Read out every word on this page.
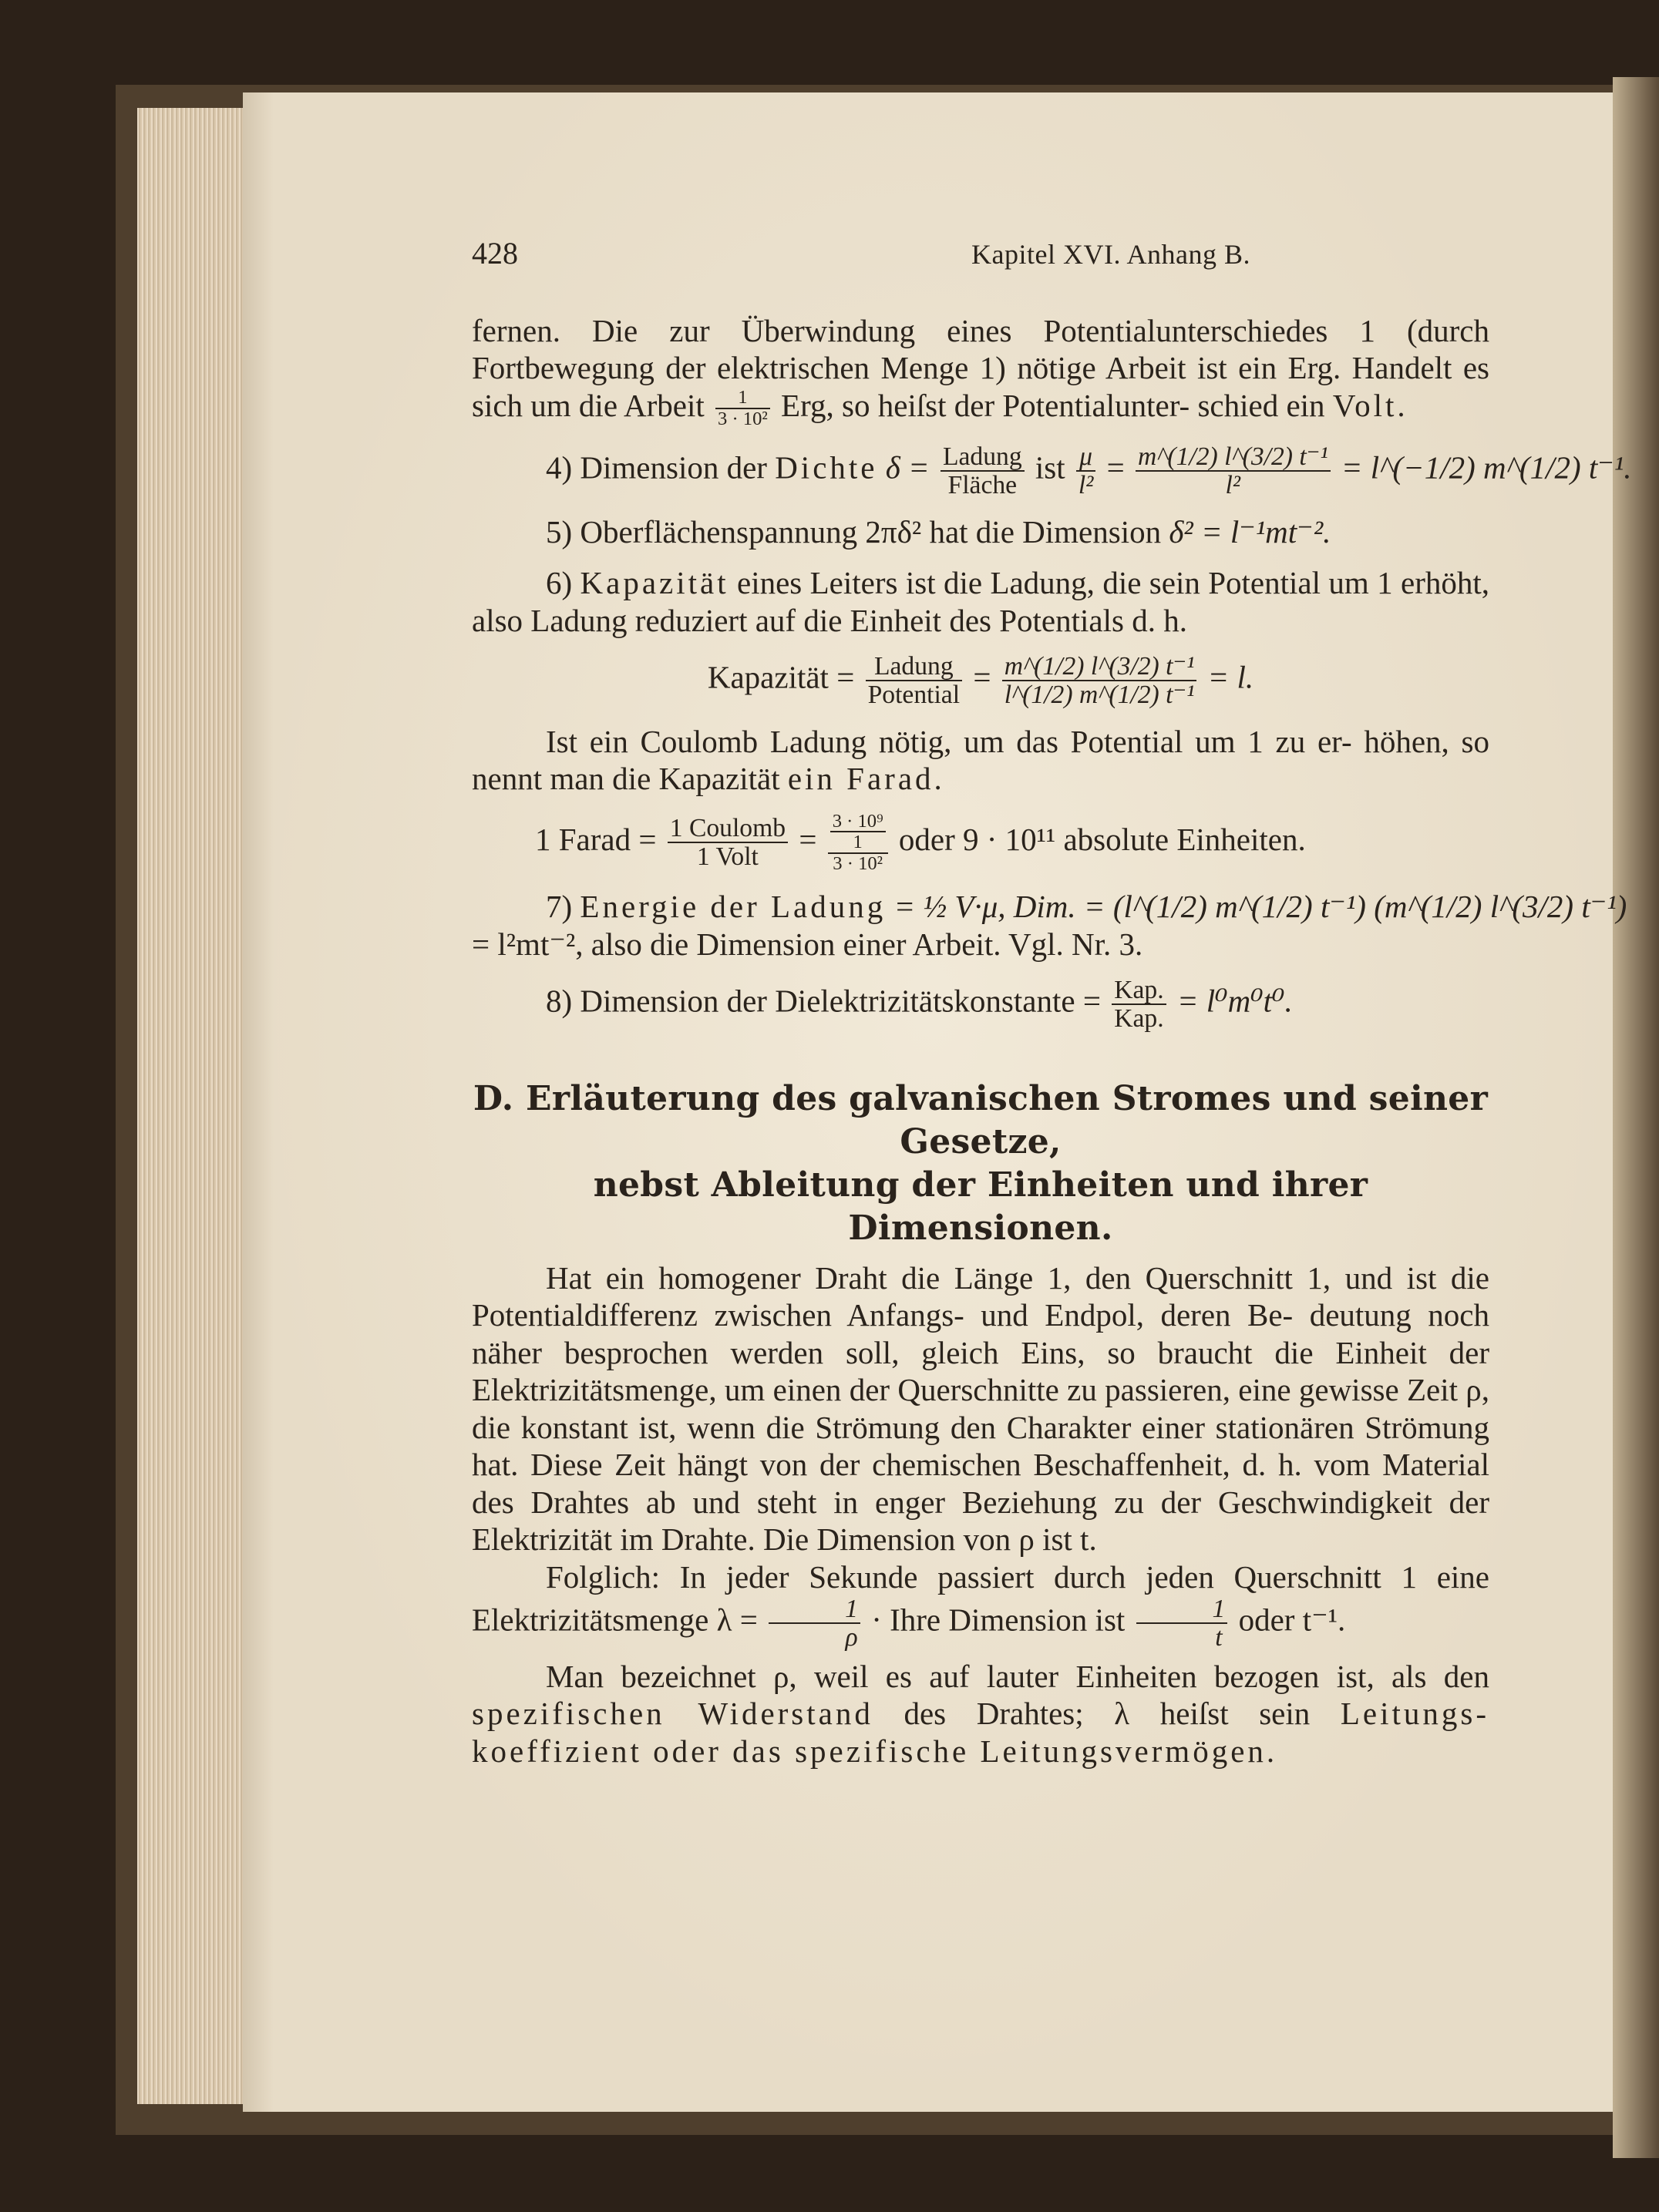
428	Kapitel XVI. Anhang B.

fernen. Die zur Überwindung eines Potentialunterschiedes 1 (durch Fortbewegung der elektrischen Menge 1) nötige Arbeit ist ein Erg. Handelt es sich um die Arbeit $\frac{1}{\text{3 · 10²}}$ Erg, so heiſst der Potentialunter- schied ein Volt.

4) Dimension der Dichte $\delta = \frac{\text{Ladung}}{\text{Fläche}}$ ist $\frac{\mu}{\text{l²}} = \frac{\text{m\textasciicircum{}(1/2) l\textasciicircum{}(3/2) t⁻¹}}{\text{l²}}$ = l^(−1/2) m^(1/2) t⁻¹.
5) Oberflächenspannung 2πδ² hat die Dimension δ² = l⁻¹mt⁻².

6) Kapazität eines Leiters ist die Ladung, die sein Potential um 1 erhöht, also Ladung reduziert auf die Einheit des Potentials d. h.

Kapazität = $\frac{\text{Ladung}}{\text{Potential}} = \frac{\text{m\textasciicircum{}(1/2) l\textasciicircum{}(3/2) t⁻¹}}{\text{l\textasciicircum{}(1/2) m\textasciicircum{}(1/2) t⁻¹}} = l$.

Ist ein Coulomb Ladung nötig, um das Potential um 1 zu er- höhen, so nennt man die Kapazität ein Farad.

1 Farad = $\frac{\text{1 Coulomb}}{\text{1 Volt}} = \frac{\frac{\text{3 · 10⁹}}{1}}{\text{3 · 10²}}$ oder 9 · 10¹¹ absolute Einheiten.
7) Energie der Ladung = ½ V·μ, Dim. = (l^(1/2) m^(1/2) t⁻¹) (m^(1/2) l^(3/2) t⁻¹)
= l²mt⁻², also die Dimension einer Arbeit. Vgl. Nr. 3.
8) Dimension der Dielektrizitätskonstante = $\frac{\text{Kap.}}{\text{Kap.}} = l^0m^0t^0$.
D. Erläuterung des galvanischen Stromes und seiner Gesetze,
nebst Ableitung der Einheiten und ihrer Dimensionen.

Hat ein homogener Draht die Länge 1, den Querschnitt 1, und ist die Potentialdifferenz zwischen Anfangs- und Endpol, deren Be- deutung noch näher besprochen werden soll, gleich Eins, so braucht die Einheit der Elektrizitätsmenge, um einen der Querschnitte zu passieren, eine gewisse Zeit ρ, die konstant ist, wenn die Strömung den Charakter einer stationären Strömung hat. Diese Zeit hängt von der chemischen Beschaffenheit, d. h. vom Material des Drahtes ab und steht in enger Beziehung zu der Geschwindigkeit der Elektrizität im Drahte. Die Dimension von ρ ist t.

Folglich: In jeder Sekunde passiert durch jeden Querschnitt 1 eine Elektrizitätsmenge $\lambda = \frac{1}{\rho}$ · Ihre Dimension ist $\frac{1}{t}$ oder t⁻¹.

Man bezeichnet ρ, weil es auf lauter Einheiten bezogen ist, als den spezifischen Widerstand des Drahtes; λ heiſst sein Leitungs- koeffizient oder das spezifische Leitungsvermögen.
